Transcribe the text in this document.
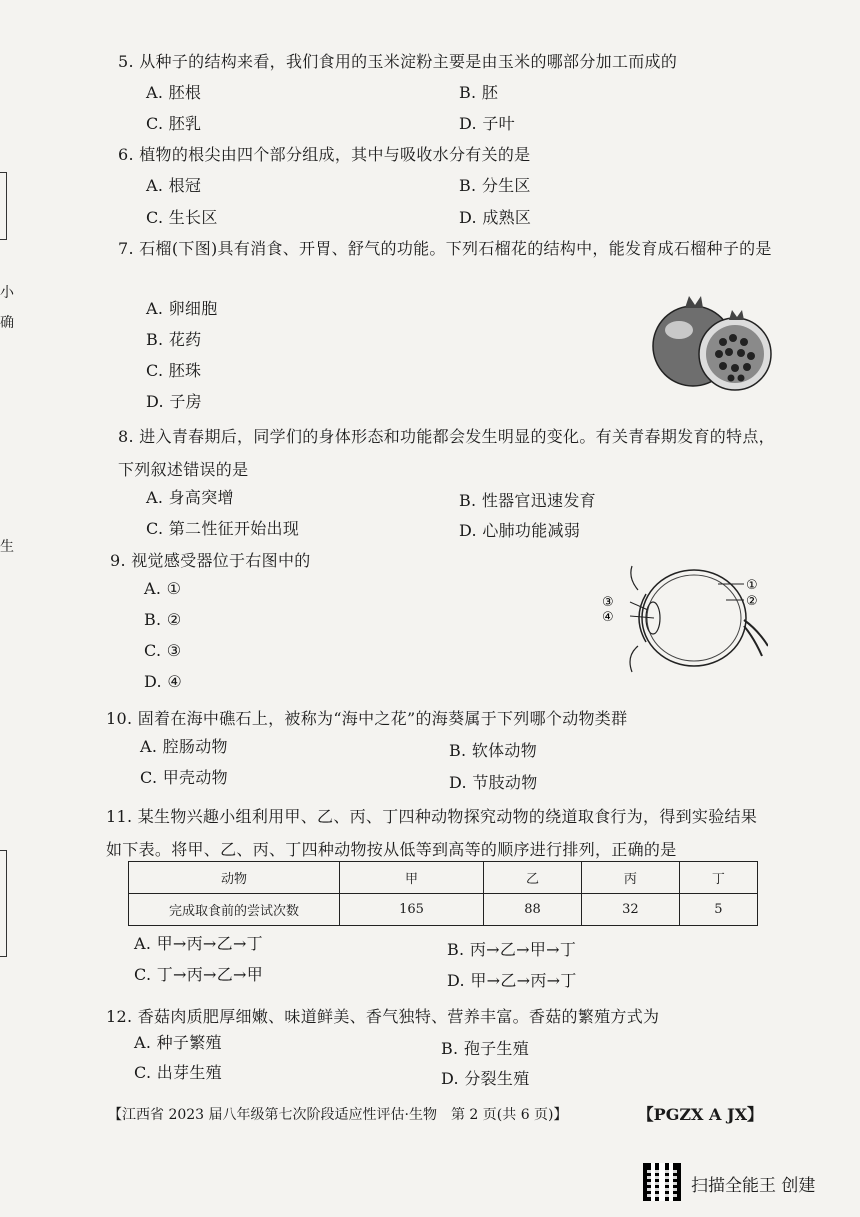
小
确
生
5. 从种子的结构来看，我们食用的玉米淀粉主要是由玉米的哪部分加工而成的
A. 胚根	B. 胚
C. 胚乳	D. 子叶
6. 植物的根尖由四个部分组成，其中与吸收水分有关的是
A. 根冠	B. 分生区
C. 生长区	D. 成熟区
7. 石榴(下图)具有消食、开胃、舒气的功能。下列石榴花的结构中，能发育成石榴种子的是
A. 卵细胞
B. 花药
C. 胚珠
D. 子房
8. 进入青春期后，同学们的身体形态和功能都会发生明显的变化。有关青春期发育的特点，下列叙述错误的是
A. 身高突增	B. 性器官迅速发育
C. 第二性征开始出现	D. 心肺功能减弱
9. 视觉感受器位于右图中的
A. ①
B. ②
C. ③
D. ④
①
②
③
④
10. 固着在海中礁石上，被称为“海中之花”的海葵属于下列哪个动物类群
A. 腔肠动物	B. 软体动物
C. 甲壳动物	D. 节肢动物
11. 某生物兴趣小组利用甲、乙、丙、丁四种动物探究动物的绕道取食行为，得到实验结果如下表。将甲、乙、丙、丁四种动物按从低等到高等的顺序进行排列，正确的是
动物	甲	乙	丙	丁
完成取食前的尝试次数	165	88	32	5
A. 甲→丙→乙→丁	B. 丙→乙→甲→丁
C. 丁→丙→乙→甲	D. 甲→乙→丙→丁
12. 香菇肉质肥厚细嫩、味道鲜美、香气独特、营养丰富。香菇的繁殖方式为
A. 种子繁殖	B. 孢子生殖
C. 出芽生殖	D. 分裂生殖
【江西省 2023 届八年级第七次阶段适应性评估·生物　第 2 页(共 6 页)】	【PGZX A JX】
扫描全能王 创建
